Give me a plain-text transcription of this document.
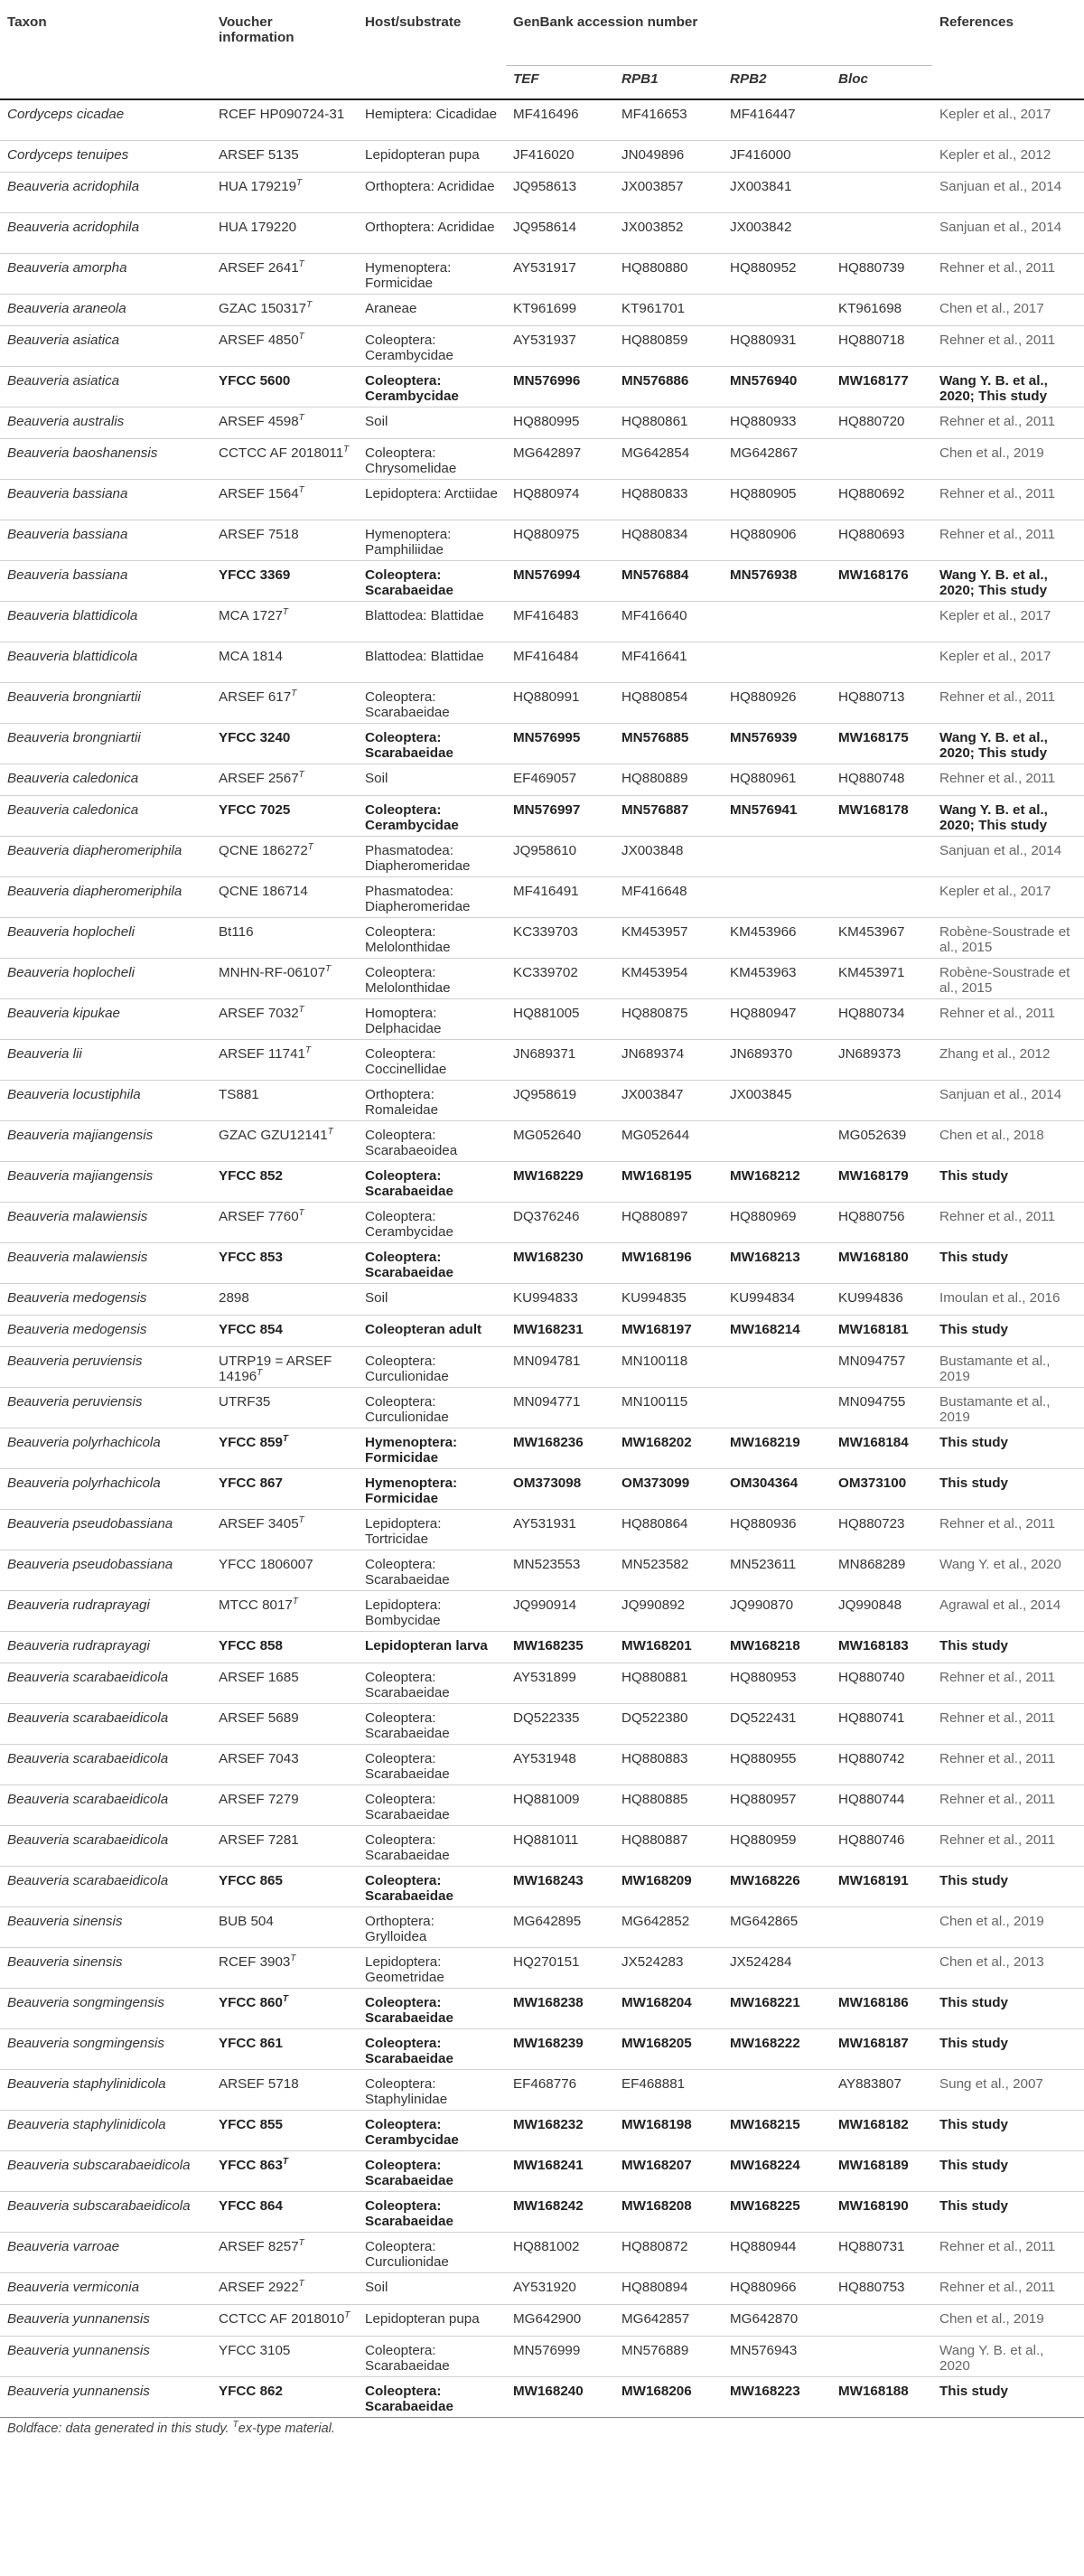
Taxon	Voucher information	Host/substrate	GenBank accession number				References
			TEF	RPB1	RPB2	Bloc	
Cordyceps cicadae	RCEF HP090724-31	Hemiptera: Cicadidae	MF416496	MF416653	MF416447		Kepler et al., 2017
Cordyceps tenuipes	ARSEF 5135	Lepidopteran pupa	JF416020	JN049896	JF416000		Kepler et al., 2012
Beauveria acridophila	HUA $179219^T$	Orthoptera: Acrididae	JQ958613	JX003857	JX003841		Sanjuan et al., 2014
Beauveria acridophila	HUA 179220	Orthoptera: Acrididae	JQ958614	JX003852	JX003842		Sanjuan et al., 2014
Beauveria amorpha	ARSEF $2641^T$	Hymenoptera: Formicidae	AY531917	HQ880880	HQ880952	HQ880739	Rehner et al., 2011
Beauveria araneola	GZAC $150317^T$	Araneae	KT961699	KT961701		KT961698	Chen et al., 2017
Beauveria asiatica	ARSEF $4850^T$	Coleoptera: Cerambycidae	AY531937	HQ880859	HQ880931	HQ880718	Rehner et al., 2011
Beauveria asiatica	YFCC 5600	Coleoptera: Cerambycidae	MN576996	MN576886	MN576940	MW168177	Wang Y. B. et al., 2020; This study
Beauveria australis	ARSEF $4598^T$	Soil	HQ880995	HQ880861	HQ880933	HQ880720	Rehner et al., 2011
Beauveria baoshanensis	CCTCC AF $2018011^T$	Coleoptera: Chrysomelidae	MG642897	MG642854	MG642867		Chen et al., 2019
Beauveria bassiana	ARSEF $1564^T$	Lepidoptera: Arctiidae	HQ880974	HQ880833	HQ880905	HQ880692	Rehner et al., 2011
Beauveria bassiana	ARSEF 7518	Hymenoptera: Pamphiliidae	HQ880975	HQ880834	HQ880906	HQ880693	Rehner et al., 2011
Beauveria bassiana	YFCC 3369	Coleoptera: Scarabaeidae	MN576994	MN576884	MN576938	MW168176	Wang Y. B. et al., 2020; This study
Beauveria blattidicola	MCA $1727^T$	Blattodea: Blattidae	MF416483	MF416640			Kepler et al., 2017
Beauveria blattidicola	MCA 1814	Blattodea: Blattidae	MF416484	MF416641			Kepler et al., 2017
Beauveria brongniartii	ARSEF $617^T$	Coleoptera: Scarabaeidae	HQ880991	HQ880854	HQ880926	HQ880713	Rehner et al., 2011
Beauveria brongniartii	YFCC 3240	Coleoptera: Scarabaeidae	MN576995	MN576885	MN576939	MW168175	Wang Y. B. et al., 2020; This study
Beauveria caledonica	ARSEF $2567^T$	Soil	EF469057	HQ880889	HQ880961	HQ880748	Rehner et al., 2011
Beauveria caledonica	YFCC 7025	Coleoptera: Cerambycidae	MN576997	MN576887	MN576941	MW168178	Wang Y. B. et al., 2020; This study
Beauveria diapheromeriphila	QCNE $186272^T$	Phasmatodea: Diapheromeridae	JQ958610	JX003848			Sanjuan et al., 2014
Beauveria diapheromeriphila	QCNE 186714	Phasmatodea: Diapheromeridae	MF416491	MF416648			Kepler et al., 2017
Beauveria hoplocheli	Bt116	Coleoptera: Melolonthidae	KC339703	KM453957	KM453966	KM453967	Robène-Soustrade et al., 2015
Beauveria hoplocheli	MNHN-$RF-06107^T$	Coleoptera: Melolonthidae	KC339702	KM453954	KM453963	KM453971	Robène-Soustrade et al., 2015
Beauveria kipukae	ARSEF $7032^T$	Homoptera: Delphacidae	HQ881005	HQ880875	HQ880947	HQ880734	Rehner et al., 2011
Beauveria lii	ARSEF $11741^T$	Coleoptera: Coccinellidae	JN689371	JN689374	JN689370	JN689373	Zhang et al., 2012
Beauveria locustiphila	TS881	Orthoptera: Romaleidae	JQ958619	JX003847	JX003845		Sanjuan et al., 2014
Beauveria majiangensis	GZAC $GZU12141^T$	Coleoptera: Scarabaeoidea	MG052640	MG052644		MG052639	Chen et al., 2018
Beauveria majiangensis	YFCC 852	Coleoptera: Scarabaeidae	MW168229	MW168195	MW168212	MW168179	This study
Beauveria malawiensis	ARSEF $7760^T$	Coleoptera: Cerambycidae	DQ376246	HQ880897	HQ880969	HQ880756	Rehner et al., 2011
Beauveria malawiensis	YFCC 853	Coleoptera: Scarabaeidae	MW168230	MW168196	MW168213	MW168180	This study
Beauveria medogensis	2898	Soil	KU994833	KU994835	KU994834	KU994836	Imoulan et al., 2016
Beauveria medogensis	YFCC 854	Coleopteran adult	MW168231	MW168197	MW168214	MW168181	This study
Beauveria peruviensis	UTRP19 = ARSEF $14196^T$	Coleoptera: Curculionidae	MN094781	MN100118		MN094757	Bustamante et al., 2019
Beauveria peruviensis	UTRF35	Coleoptera: Curculionidae	MN094771	MN100115		MN094755	Bustamante et al., 2019
Beauveria polyrhachicola	YFCC $859^T$	Hymenoptera: Formicidae	MW168236	MW168202	MW168219	MW168184	This study
Beauveria polyrhachicola	YFCC 867	Hymenoptera: Formicidae	OM373098	OM373099	OM304364	OM373100	This study
Beauveria pseudobassiana	ARSEF $3405^T$	Lepidoptera: Tortricidae	AY531931	HQ880864	HQ880936	HQ880723	Rehner et al., 2011
Beauveria pseudobassiana	YFCC 1806007	Coleoptera: Scarabaeidae	MN523553	MN523582	MN523611	MN868289	Wang Y. et al., 2020
Beauveria rudraprayagi	MTCC $8017^T$	Lepidoptera: Bombycidae	JQ990914	JQ990892	JQ990870	JQ990848	Agrawal et al., 2014
Beauveria rudraprayagi	YFCC 858	Lepidopteran larva	MW168235	MW168201	MW168218	MW168183	This study
Beauveria scarabaeidicola	ARSEF 1685	Coleoptera: Scarabaeidae	AY531899	HQ880881	HQ880953	HQ880740	Rehner et al., 2011
Beauveria scarabaeidicola	ARSEF 5689	Coleoptera: Scarabaeidae	DQ522335	DQ522380	DQ522431	HQ880741	Rehner et al., 2011
Beauveria scarabaeidicola	ARSEF 7043	Coleoptera: Scarabaeidae	AY531948	HQ880883	HQ880955	HQ880742	Rehner et al., 2011
Beauveria scarabaeidicola	ARSEF 7279	Coleoptera: Scarabaeidae	HQ881009	HQ880885	HQ880957	HQ880744	Rehner et al., 2011
Beauveria scarabaeidicola	ARSEF 7281	Coleoptera: Scarabaeidae	HQ881011	HQ880887	HQ880959	HQ880746	Rehner et al., 2011
Beauveria scarabaeidicola	YFCC 865	Coleoptera: Scarabaeidae	MW168243	MW168209	MW168226	MW168191	This study
Beauveria sinensis	BUB 504	Orthoptera: Grylloidea	MG642895	MG642852	MG642865		Chen et al., 2019
Beauveria sinensis	RCEF $3903^T$	Lepidoptera: Geometridae	HQ270151	JX524283	JX524284		Chen et al., 2013
Beauveria songmingensis	YFCC $860^T$	Coleoptera: Scarabaeidae	MW168238	MW168204	MW168221	MW168186	This study
Beauveria songmingensis	YFCC 861	Coleoptera: Scarabaeidae	MW168239	MW168205	MW168222	MW168187	This study
Beauveria staphylinidicola	ARSEF 5718	Coleoptera: Staphylinidae	EF468776	EF468881		AY883807	Sung et al., 2007
Beauveria staphylinidicola	YFCC 855	Coleoptera: Cerambycidae	MW168232	MW168198	MW168215	MW168182	This study
Beauveria subscarabaeidicola	YFCC $863^T$	Coleoptera: Scarabaeidae	MW168241	MW168207	MW168224	MW168189	This study
Beauveria subscarabaeidicola	YFCC 864	Coleoptera: Scarabaeidae	MW168242	MW168208	MW168225	MW168190	This study
Beauveria varroae	ARSEF $8257^T$	Coleoptera: Curculionidae	HQ881002	HQ880872	HQ880944	HQ880731	Rehner et al., 2011
Beauveria vermiconia	ARSEF $2922^T$	Soil	AY531920	HQ880894	HQ880966	HQ880753	Rehner et al., 2011
Beauveria yunnanensis	CCTCC AF $2018010^T$	Lepidopteran pupa	MG642900	MG642857	MG642870		Chen et al., 2019
Beauveria yunnanensis	YFCC 3105	Coleoptera: Scarabaeidae	MN576999	MN576889	MN576943		Wang Y. B. et al., 2020
Beauveria yunnanensis	YFCC 862	Coleoptera: Scarabaeidae	MW168240	MW168206	MW168223	MW168188	This study
Boldface: data generated in this study. $^T$ex-type material.
